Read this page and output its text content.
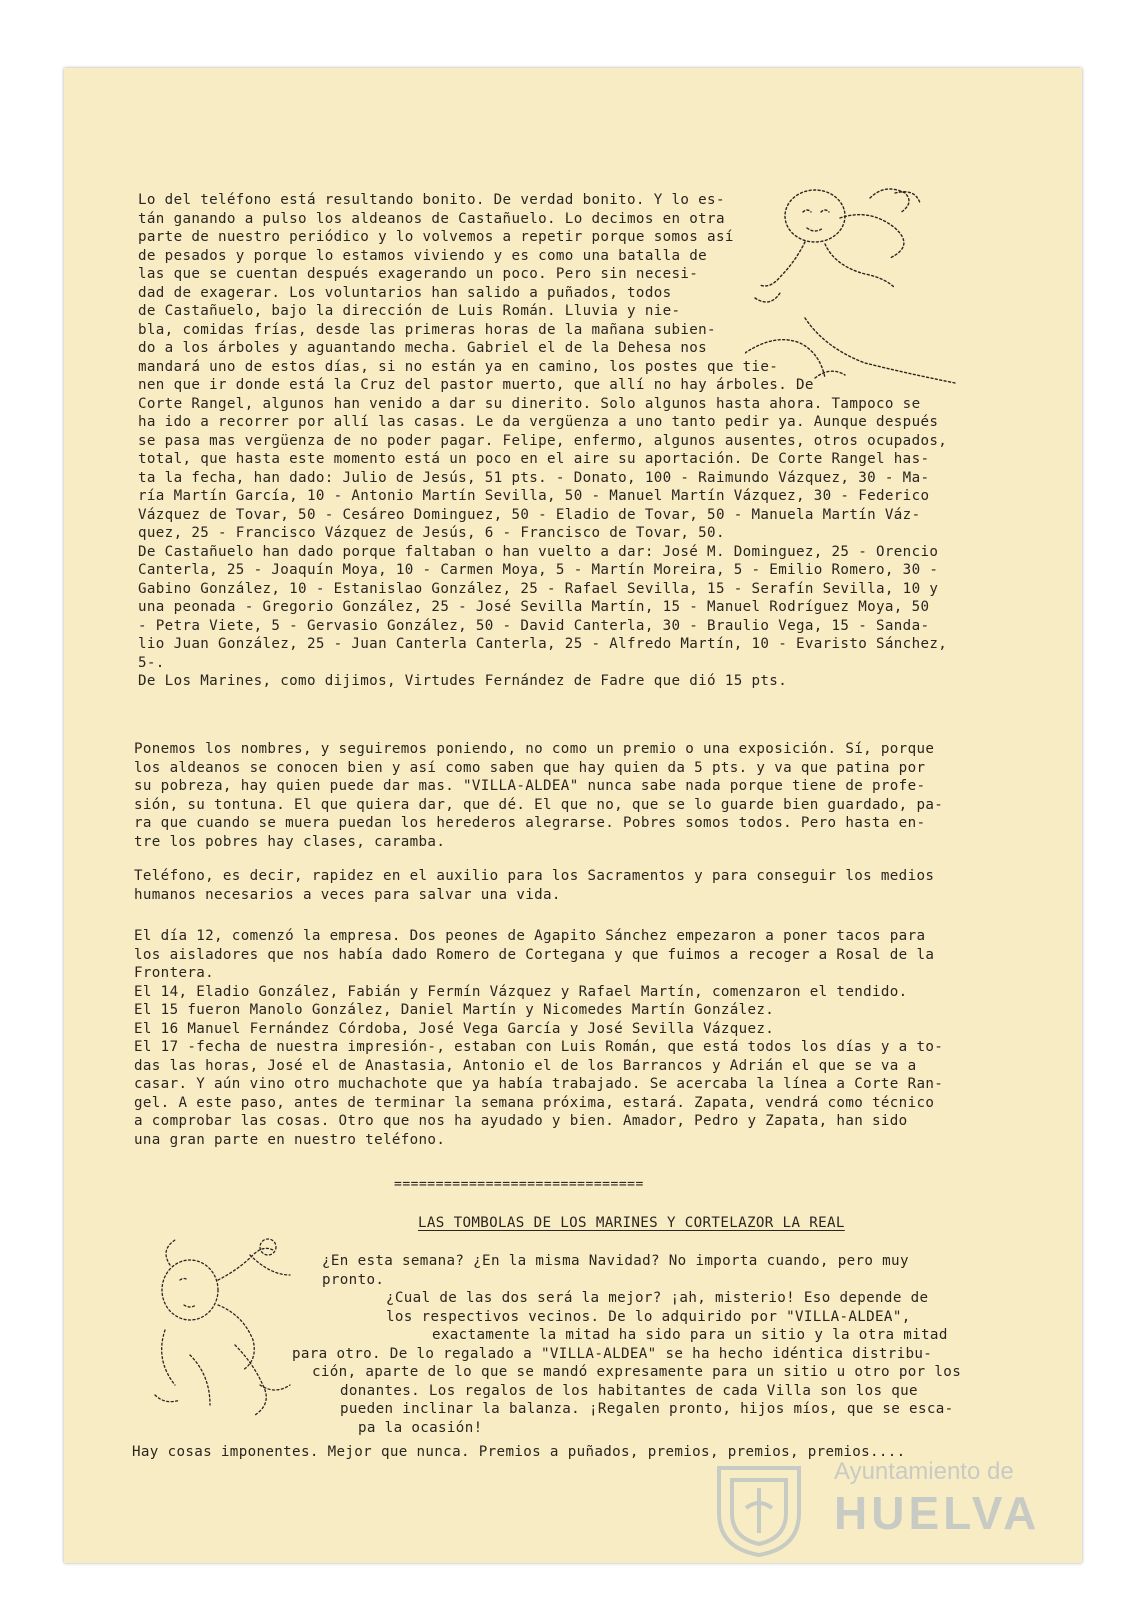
Ayuntamiento de
HUELVA
Lo del teléfono está resultando bonito. De verdad bonito. Y lo es-
tán ganando a pulso los aldeanos de Castañuelo. Lo decimos en otra
parte de nuestro periódico y lo volvemos a repetir porque somos así
de pesados y porque lo estamos viviendo y es como una batalla de
las que se cuentan después exagerando un poco. Pero sin necesi-
dad de exagerar. Los voluntarios han salido a puñados, todos
de Castañuelo, bajo la dirección de Luis Román. Lluvia y nie-
bla, comidas frías, desde las primeras horas de la mañana subien-
do a los árboles y aguantando mecha. Gabriel el de la Dehesa nos
mandará uno de estos días, si no están ya en camino, los postes que tie-
nen que ir donde está la Cruz del pastor muerto, que allí no hay árboles. De
Corte Rangel, algunos han venido a dar su dinerito. Solo algunos hasta ahora. Tampoco se
ha ido a recorrer por allí las casas. Le da vergüenza a uno tanto pedir ya. Aunque después
se pasa mas vergüenza de no poder pagar. Felipe, enfermo, algunos ausentes, otros ocupados,
total, que hasta este momento está un poco en el aire su aportación. De Corte Rangel has-
ta la fecha, han dado: Julio de Jesús, 51 pts. - Donato, 100 - Raimundo Vázquez, 30 - Ma-
ría Martín García, 10 - Antonio Martín Sevilla, 50 - Manuel Martín Vázquez, 30 - Federico
Vázquez de Tovar, 50 - Cesáreo Dominguez, 50 - Eladio de Tovar, 50 - Manuela Martín Váz-
quez, 25 - Francisco Vázquez de Jesús, 6 - Francisco de Tovar, 50.
De Castañuelo han dado porque faltaban o han vuelto a dar: José M. Dominguez, 25 - Orencio
Canterla, 25 - Joaquín Moya, 10 - Carmen Moya, 5 - Martín Moreira, 5 - Emilio Romero, 30 -
Gabino González, 10 - Estanislao González, 25 - Rafael Sevilla, 15 - Serafín Sevilla, 10 y
una peonada - Gregorio González, 25 - José Sevilla Martín, 15 - Manuel Rodríguez Moya, 50
- Petra Viete, 5 - Gervasio González, 50 - David Canterla, 30 - Braulio Vega, 15 - Sanda-
lio Juan González, 25 - Juan Canterla Canterla, 25 - Alfredo Martín, 10 - Evaristo Sánchez,
5-.
De Los Marines, como dijimos, Virtudes Fernández de Fadre que dió 15 pts.
Ponemos los nombres, y seguiremos poniendo, no como un premio o una exposición. Sí, porque
los aldeanos se conocen bien y así como saben que hay quien da 5 pts. y va que patina por
su pobreza, hay quien puede dar mas. "VILLA-ALDEA" nunca sabe nada porque tiene de profe-
sión, su tontuna. El que quiera dar, que dé. El que no, que se lo guarde bien guardado, pa-
ra que cuando se muera puedan los herederos alegrarse. Pobres somos todos. Pero hasta en-
tre los pobres hay clases, caramba.
Teléfono, es decir, rapidez en el auxilio para los Sacramentos y para conseguir los medios
humanos necesarios a veces para salvar una vida.
El día 12, comenzó la empresa. Dos peones de Agapito Sánchez empezaron a poner tacos para
los aisladores que nos había dado Romero de Cortegana y que fuimos a recoger a Rosal de la
Frontera.
El 14, Eladio González, Fabián y Fermín Vázquez y Rafael Martín, comenzaron el tendido.
El 15 fueron Manolo González, Daniel Martín y Nicomedes Martín González.
El 16 Manuel Fernández Córdoba, José Vega García y José Sevilla Vázquez.
El 17 -fecha de nuestra impresión-, estaban con Luis Román, que está todos los días y a to-
das las horas, José el de Anastasia, Antonio el de los Barrancos y Adrián el que se va a
casar. Y aún vino otro muchachote que ya había trabajado. Se acercaba la línea a Corte Ran-
gel. A este paso, antes de terminar la semana próxima, estará. Zapata, vendrá como técnico
a comprobar las cosas. Otro que nos ha ayudado y bien. Amador, Pedro y Zapata, han sido
una gran parte en nuestro teléfono.
==============================
LAS TOMBOLAS DE LOS MARINES Y CORTELAZOR LA REAL
¿En esta semana? ¿En la misma Navidad? No importa cuando, pero muy
pronto.
¿Cual de las dos será la mejor? ¡ah, misterio! Eso depende de
los respectivos vecinos. De lo adquirido por "VILLA-ALDEA",
exactamente la mitad ha sido para un sitio y la otra mitad
para otro. De lo regalado a "VILLA-ALDEA" se ha hecho idéntica distribu-
ción, aparte de lo que se mandó expresamente para un sitio u otro por los
donantes. Los regalos de los habitantes de cada Villa son los que
pueden inclinar la balanza. ¡Regalen pronto, hijos míos, que se esca-
pa la ocasión!
Hay cosas imponentes. Mejor que nunca. Premios a puñados, premios, premios, premios....
